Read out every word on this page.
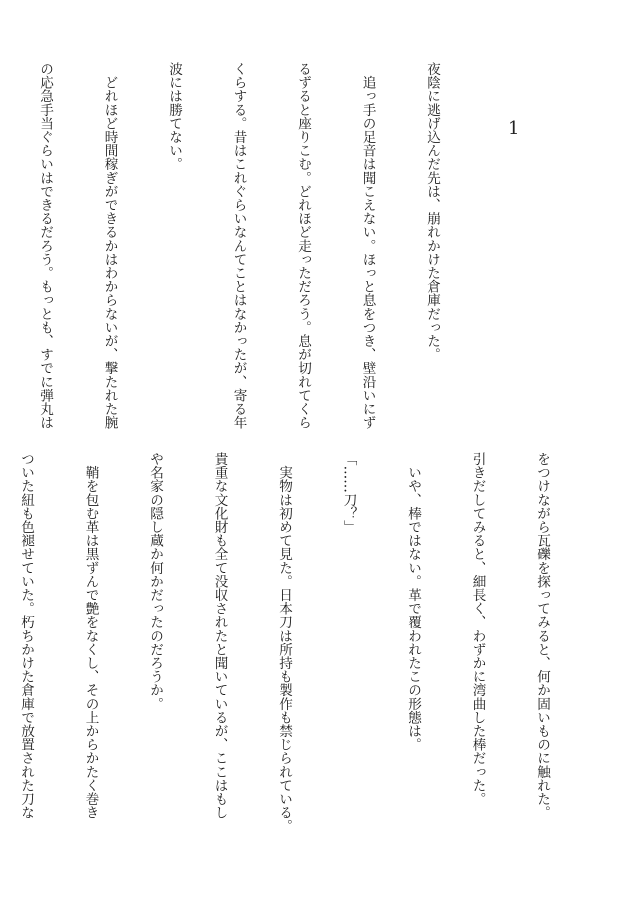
1

夜陰に逃げ込んだ先は、崩れかけた倉庫だった。

　追っ手の足音は聞こえない。ほっと息をつき、壁沿いにず

るずると座りこむ。どれほど走っただろう。息が切れてくら

くらする。昔はこれぐらいなんてことはなかったが、寄る年

波には勝てない。

　どれほど時間稼ぎができるかはわからないが、撃たれた腕

の応急手当ぐらいはできるだろう。もっとも、すでに弾丸は

をつけながら瓦礫を探ってみると、何か固いものに触れた。

引きだしてみると、細長く、わずかに湾曲した棒だった。

　いや、棒ではない。革で覆われたこの形態は。

「……刀？」

　実物は初めて見た。日本刀は所持も製作も禁じられている。

貴重な文化財も全て没収されたと聞いているが、ここはもし

や名家の隠し蔵か何かだったのだろうか。

　鞘を包む革は黒ずんで艶をなくし、その上からかたく巻き

ついた紐も色褪せていた。朽ちかけた倉庫で放置された刀な
